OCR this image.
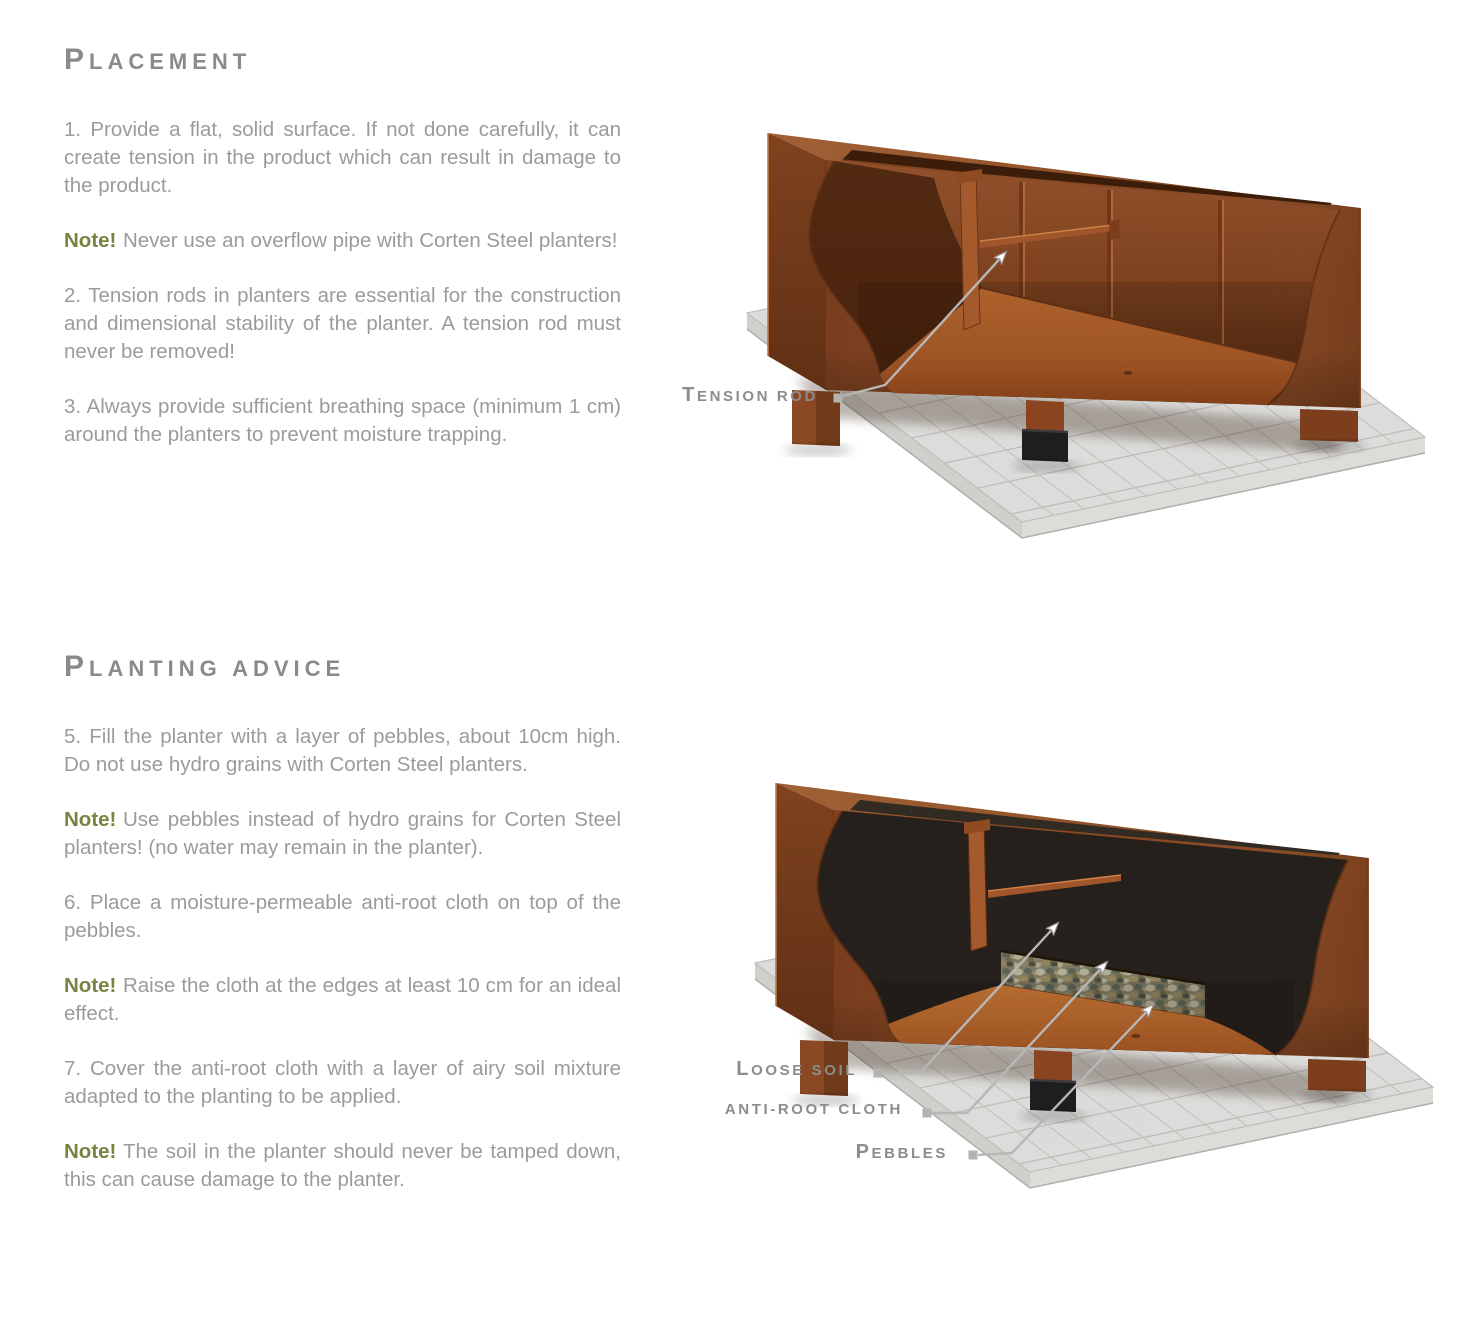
PLACEMENT

1. Provide a flat, solid surface. If not done carefully, it can create tension in the product which can result in damage to the product.

Note! Never use an overflow pipe with Corten Steel planters!

2. Tension rods in planters are essential for the construction and dimensional stability of the planter. A tension rod must never be removed!

3. Always provide sufficient breathing space (minimum 1 cm) around the planters to prevent moisture trapping.

PLANTING ADVICE

5. Fill the planter with a layer of pebbles, about 10cm high. Do not use hydro grains with Corten Steel planters.

Note! Use pebbles instead of hydro grains for Corten Steel planters! (no water may remain in the planter).

6. Place a moisture-permeable anti-root cloth on top of the pebbles.

Note! Raise the cloth at the edges at least 10 cm for an ideal effect.

7. Cover the anti-root cloth with a layer of airy soil mixture adapted to the planting to be applied.

Note! The soil in the planter should never be tamped down, this can cause damage to the planter.

TENSION ROD
LOOSE SOIL
ANTI-ROOT CLOTH
PEBBLES
